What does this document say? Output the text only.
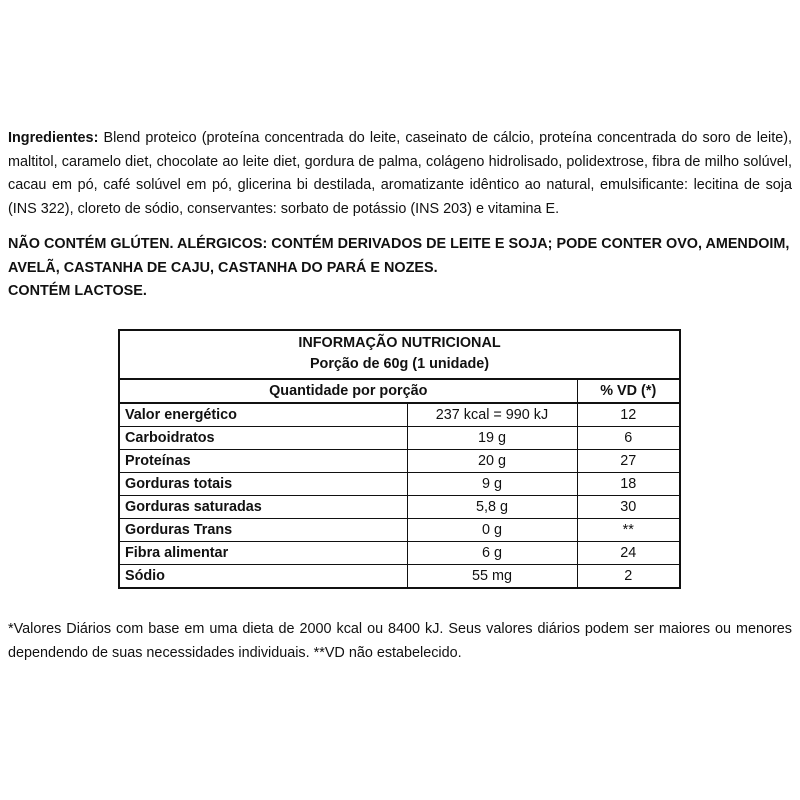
Ingredientes: Blend proteico (proteína concentrada do leite, caseinato de cálcio, proteína concentrada do soro de leite), maltitol, caramelo diet, chocolate ao leite diet, gordura de palma, colágeno hidrolisado, polidextrose, fibra de milho solúvel, cacau em pó, café solúvel em pó, glicerina bi destilada, aromatizante idêntico ao natural, emulsificante: lecitina de soja (INS 322), cloreto de sódio, conservantes: sorbato de potássio (INS 203) e vitamina E.
NÃO CONTÉM GLÚTEN. ALÉRGICOS: CONTÉM DERIVADOS DE LEITE E SOJA; PODE CONTER OVO, AMENDOIM, AVELÃ, CASTANHA DE CAJU, CASTANHA DO PARÁ E NOZES.
CONTÉM LACTOSE.
INFORMAÇÃO NUTRICIONAL
Porção de 60g (1 unidade)
Quantidade por porção		% VD (*)
Valor energético	237 kcal = 990 kJ	12
Carboidratos	19 g	6
Proteínas	20 g	27
Gorduras totais	9 g	18
Gorduras saturadas	5,8 g	30
Gorduras Trans	0 g	**
Fibra alimentar	6 g	24
Sódio	55 mg	2
*Valores Diários com base em uma dieta de 2000 kcal ou 8400 kJ. Seus valores diários podem ser maiores ou menores dependendo de suas necessidades individuais. **VD não estabelecido.
